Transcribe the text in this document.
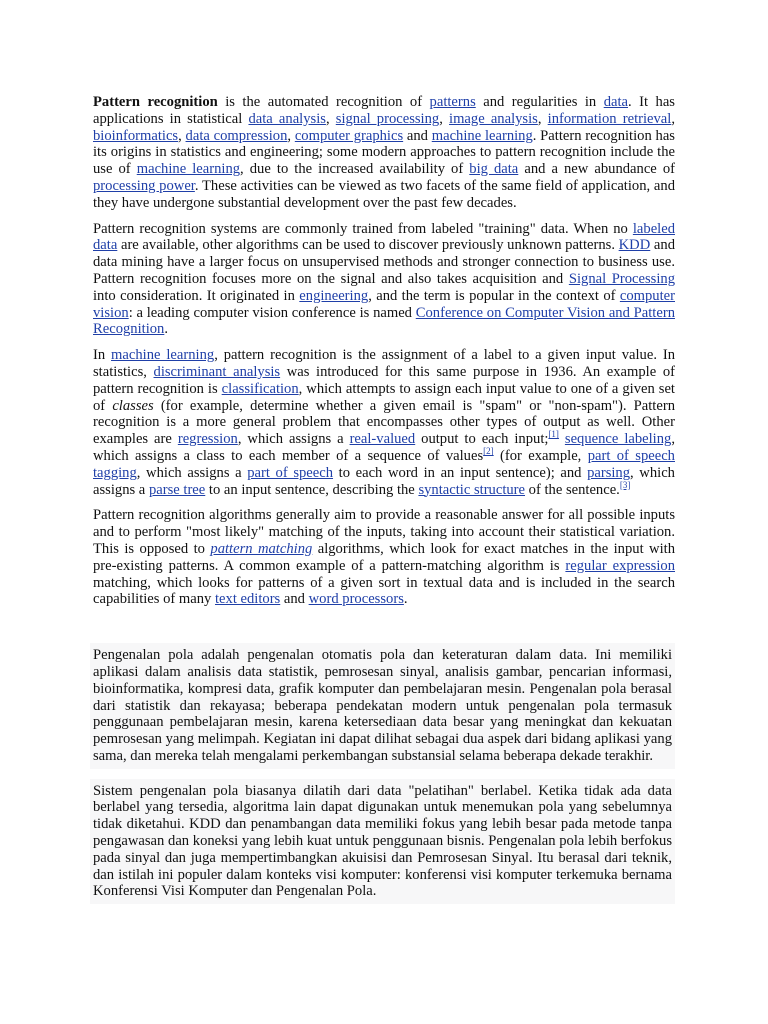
Pattern recognition is the automated recognition of patterns and regularities in data. It has applications in statistical data analysis, signal processing, image analysis, information retrieval, bioinformatics, data compression, computer graphics and machine learning. Pattern recognition has its origins in statistics and engineering; some modern approaches to pattern recognition include the use of machine learning, due to the increased availability of big data and a new abundance of processing power. These activities can be viewed as two facets of the same field of application, and they have undergone substantial development over the past few decades.

Pattern recognition systems are commonly trained from labeled "training" data. When no labeled data are available, other algorithms can be used to discover previously unknown patterns. KDD and data mining have a larger focus on unsupervised methods and stronger connection to business use. Pattern recognition focuses more on the signal and also takes acquisition and Signal Processing into consideration. It originated in engineering, and the term is popular in the context of computer vision: a leading computer vision conference is named Conference on Computer Vision and Pattern Recognition.

In machine learning, pattern recognition is the assignment of a label to a given input value. In statistics, discriminant analysis was introduced for this same purpose in 1936. An example of pattern recognition is classification, which attempts to assign each input value to one of a given set of classes (for example, determine whether a given email is "spam" or "non-spam"). Pattern recognition is a more general problem that encompasses other types of output as well. Other examples are regression, which assigns a real-valued output to each input;[1] sequence labeling, which assigns a class to each member of a sequence of values[2] (for example, part of speech tagging, which assigns a part of speech to each word in an input sentence); and parsing, which assigns a parse tree to an input sentence, describing the syntactic structure of the sentence.[3]

Pattern recognition algorithms generally aim to provide a reasonable answer for all possible inputs and to perform "most likely" matching of the inputs, taking into account their statistical variation. This is opposed to pattern matching algorithms, which look for exact matches in the input with pre-existing patterns. A common example of a pattern-matching algorithm is regular expression matching, which looks for patterns of a given sort in textual data and is included in the search capabilities of many text editors and word processors.

Pengenalan pola adalah pengenalan otomatis pola dan keteraturan dalam data. Ini memiliki aplikasi dalam analisis data statistik, pemrosesan sinyal, analisis gambar, pencarian informasi, bioinformatika, kompresi data, grafik komputer dan pembelajaran mesin. Pengenalan pola berasal dari statistik dan rekayasa; beberapa pendekatan modern untuk pengenalan pola termasuk penggunaan pembelajaran mesin, karena ketersediaan data besar yang meningkat dan kekuatan pemrosesan yang melimpah. Kegiatan ini dapat dilihat sebagai dua aspek dari bidang aplikasi yang sama, dan mereka telah mengalami perkembangan substansial selama beberapa dekade terakhir.

Sistem pengenalan pola biasanya dilatih dari data "pelatihan" berlabel. Ketika tidak ada data berlabel yang tersedia, algoritma lain dapat digunakan untuk menemukan pola yang sebelumnya tidak diketahui. KDD dan penambangan data memiliki fokus yang lebih besar pada metode tanpa pengawasan dan koneksi yang lebih kuat untuk penggunaan bisnis. Pengenalan pola lebih berfokus pada sinyal dan juga mempertimbangkan akuisisi dan Pemrosesan Sinyal. Itu berasal dari teknik, dan istilah ini populer dalam konteks visi komputer: konferensi visi komputer terkemuka bernama Konferensi Visi Komputer dan Pengenalan Pola.
